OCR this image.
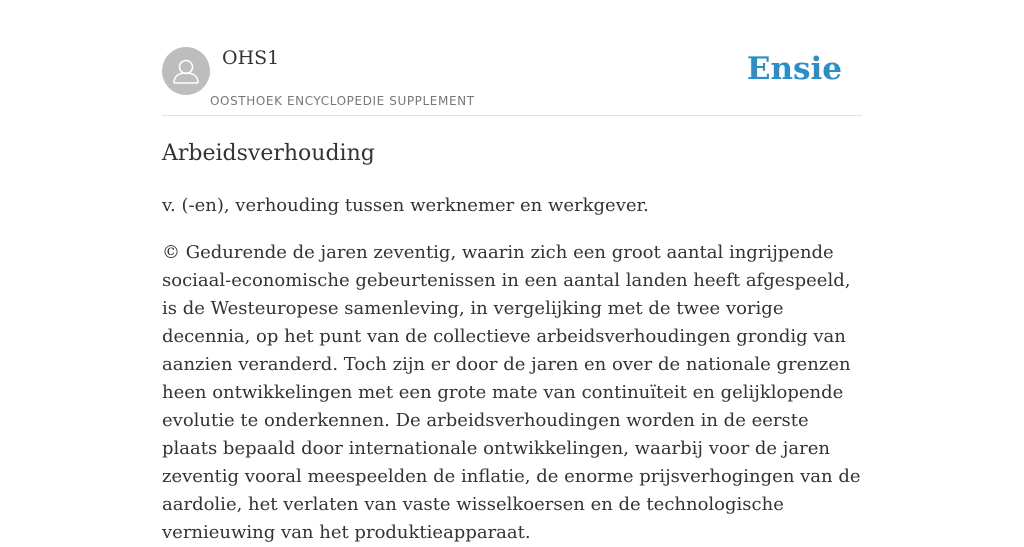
OHS1
OOSTHOEK ENCYCLOPEDIE SUPPLEMENT
Ensie
Arbeidsverhouding

v. (-en), verhouding tussen werknemer en werkgever.

© Gedurende de jaren zeventig, waarin zich een groot aantal ingrijpende sociaal-economische gebeurtenissen in een aantal landen heeft afgespeeld, is de Westeuropese samenleving, in vergelijking met de twee vorige decennia, op het punt van de collectieve arbeidsverhoudingen grondig van aanzien veranderd. Toch zijn er door de jaren en over de nationale grenzen heen ontwikkelingen met een grote mate van continuïteit en gelijklopende evolutie te onderkennen. De arbeidsverhoudingen worden in de eerste plaats bepaald door internationale ontwikkelingen, waarbij voor de jaren zeventig vooral meespeelden de inflatie, de enorme prijsverhogingen van de aardolie, het verlaten van vaste wisselkoersen en de technologische vernieuwing van het produktieapparaat.
